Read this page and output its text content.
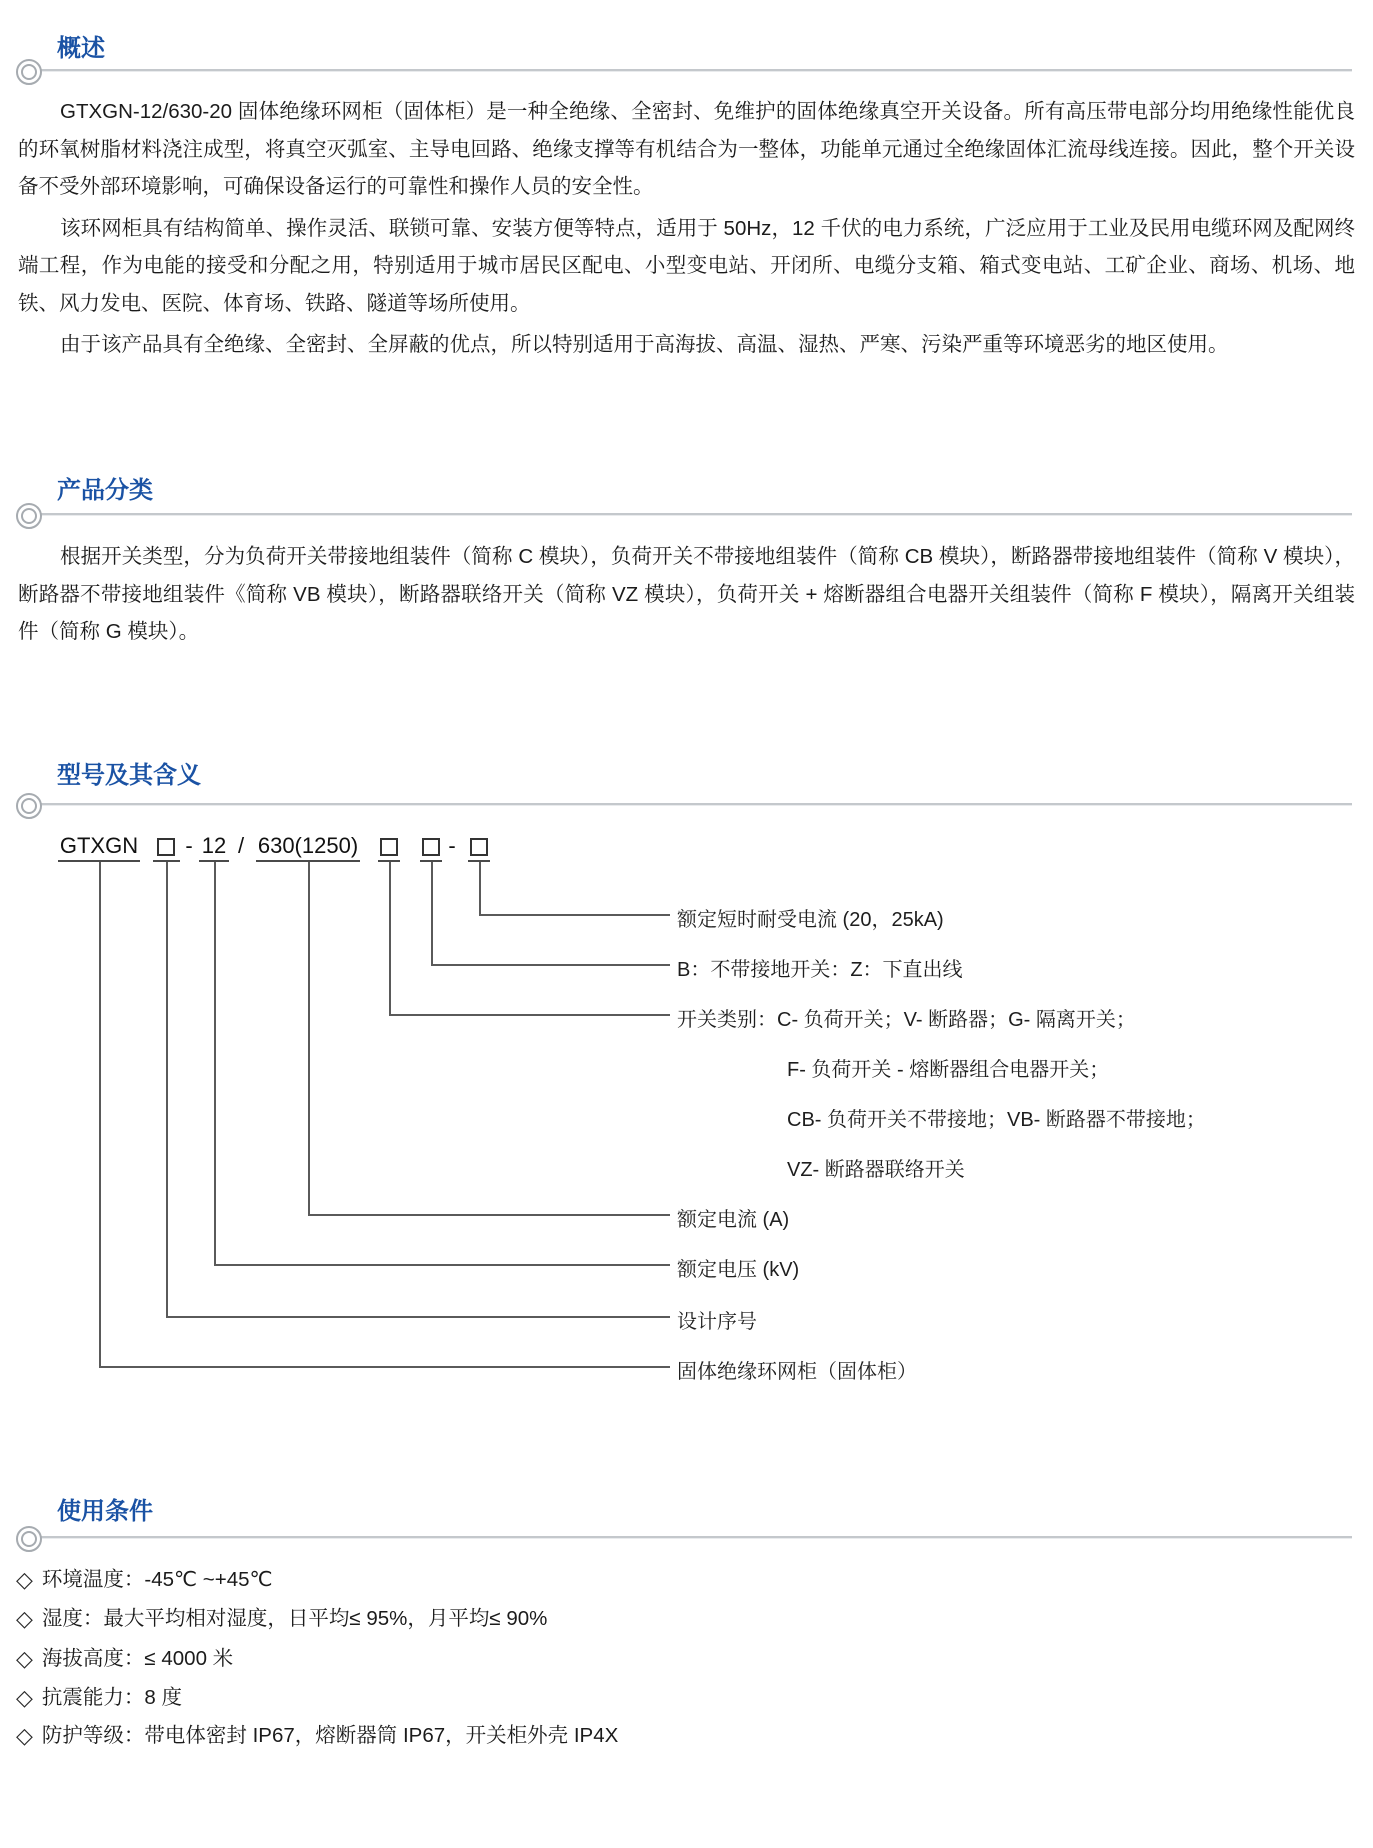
概述

GTXGN-12/630-20 固体绝缘环网柜（固体柜）是一种全绝缘、全密封、免维护的固体绝缘真空开关设备。所有高压带电部分均用绝缘性能优良的环氧树脂材料浇注成型，将真空灭弧室、主导电回路、绝缘支撑等有机结合为一整体，功能单元通过全绝缘固体汇流母线连接。因此，整个开关设备不受外部环境影响，可确保设备运行的可靠性和操作人员的安全性。

该环网柜具有结构简单、操作灵活、联锁可靠、安装方便等特点，适用于 50Hz，12 千伏的电力系统，广泛应用于工业及民用电缆环网及配网终端工程，作为电能的接受和分配之用，特别适用于城市居民区配电、小型变电站、开闭所、电缆分支箱、箱式变电站、工矿企业、商场、机场、地铁、风力发电、医院、体育场、铁路、隧道等场所使用。

由于该产品具有全绝缘、全密封、全屏蔽的优点，所以特别适用于高海拔、高温、湿热、严寒、污染严重等环境恶劣的地区使用。

产品分类

根据开关类型，分为负荷开关带接地组装件（简称 C 模块），负荷开关不带接地组装件（简称 CB 模块），断路器带接地组装件（简称 V 模块），断路器不带接地组装件《简称 VB 模块），断路器联络开关（简称 VZ 模块），负荷开关 + 熔断器组合电器开关组装件（简称 F 模块），隔离开关组装件（简称 G 模块）。

型号及其含义
GTXGN - 12 / 630(1250)	-
额定短时耐受电流 (20，25kA)
B：不带接地开关：Z：下直出线
开关类别：C- 负荷开关；V- 断路器；G- 隔离开关；
F- 负荷开关 - 熔断器组合电器开关；
CB- 负荷开关不带接地；VB- 断路器不带接地；
VZ- 断路器联络开关
额定电流 (A)
额定电压 (kV)
设计序号
固体绝缘环网柜（固体柜）
使用条件
◇ 环境温度：-45℃ ~+45℃
◇ 湿度：最大平均相对湿度，日平均≤ 95%，月平均≤ 90%
◇ 海拔高度：≤ 4000 米
◇ 抗震能力：8 度
◇ 防护等级：带电体密封 IP67，熔断器筒 IP67，开关柜外壳 IP4X
